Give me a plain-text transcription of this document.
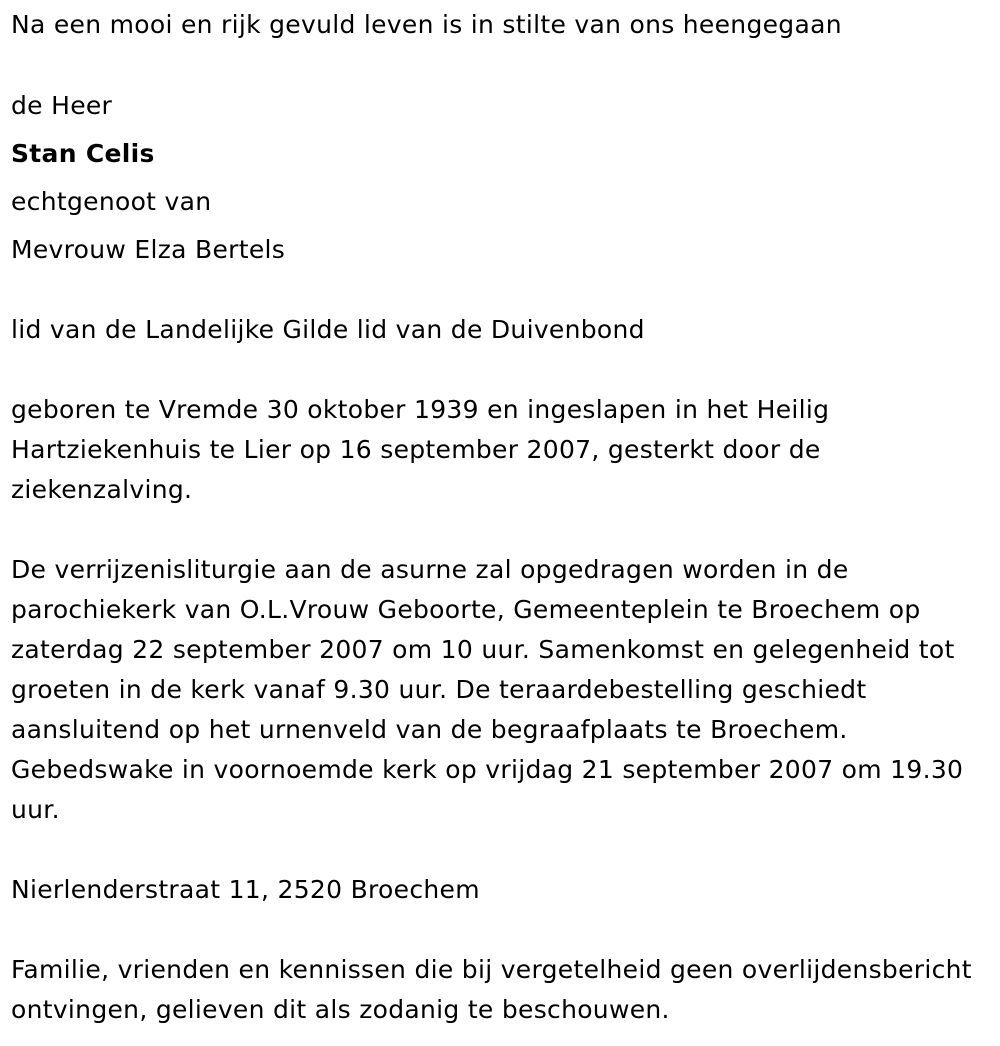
Na een mooi en rijk gevuld leven is in stilte van ons heengegaan
de Heer
Stan Celis
echtgenoot van
Mevrouw Elza Bertels
lid van de Landelijke Gilde lid van de Duivenbond
geboren te Vremde 30 oktober 1939 en ingeslapen in het Heilig Hartziekenhuis te Lier op 16 september 2007, gesterkt door de ziekenzalving.
De verrijzenisliturgie aan de asurne zal opgedragen worden in de parochiekerk van O.L.Vrouw Geboorte, Gemeenteplein te Broechem op zaterdag 22 september 2007 om 10 uur. Samenkomst en gelegenheid tot groeten in de kerk vanaf 9.30 uur. De teraardebestelling geschiedt aansluitend op het urnenveld van de begraafplaats te Broechem. Gebedswake in voornoemde kerk op vrijdag 21 september 2007 om 19.30 uur.
Nierlenderstraat 11, 2520 Broechem
Familie, vrienden en kennissen die bij vergetelheid geen overlijdensbericht ontvingen, gelieven dit als zodanig te beschouwen.
